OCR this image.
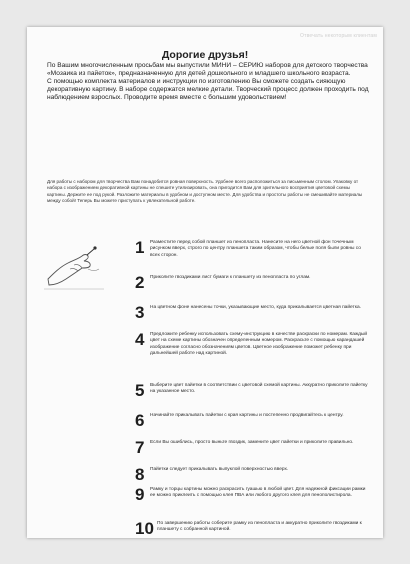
Отвечать некоторым клиентам
Дорогие друзья!

По Вашим многочисленным просьбам мы выпустили МИНИ – СЕРИЮ наборов для детского творчества «Мозаика из пайеток», предназначенную для детей дошкольного и младшего школьного возраста.

С помощью комплекта материалов и инструкции по изготовлению Вы сможете создать сияющую декоративную картину. В наборе содержатся мелкие детали. Творческий процесс должен проходить под наблюдением взрослых. Проводите время вместе с большим удовольствием!

Для работы с набором для творчества Вам понадобится ровная поверхность. Удобнее всего расположиться за письменным столом. Упаковку от набора с изображением декоративной картины не спешите утилизировать, она пригодится Вам для зрительного восприятия цветовой схемы картины. Держите ее под рукой. Разложите материалы в удобном и доступном месте. Для удобства и простоты работы не смешивайте материалы между собой! Теперь Вы можете приступать к увлекательной работе.
1 Разместите перед собой планшет из пенопласта. Нанесите на него цветной фон точечным рисунком вверх, строго по центру планшета таким образом, чтобы белые поля были ровны со всех сторон.
2 Приколите гвоздиками лист бумаги к планшету из пенопласта по углам.
3 На цветном фоне нанесены точки, указывающие место, куда прикалывается цветная пайетка.
4 Предложите ребенку использовать схему-инструкцию в качестве раскраски по номерам. Каждый цвет на схеме картины обозначен определенным номером. Раскрасьте с помощью карандашей изображение согласно обозначениям цветов. Цветное изображение поможет ребенку при дальнейшей работе над картиной.
5 Выберите цвет пайетки в соответствии с цветовой схемой картины. Аккуратно приколите пайетку на указанное место.
6 Начинайте прикалывать пайетки с края картины и постепенно продвигайтесь к центру.
7 Если Вы ошиблись, просто выньте гвоздик, замените цвет пайетки и приколите правильно.
8 Пайетки следует прикалывать выпуклой поверхностью вверх.
9 Рамку и торцы картины можно раскрасить гуашью в любой цвет. Для надежной фиксации рамки ее можно приклеить с помощью клея ПВА или любого другого клея для пенополистирола.
10 По завершению работы соберите рамку из пенопласта и аккуратно приколите гвоздиками к планшету с собранной картиной.
